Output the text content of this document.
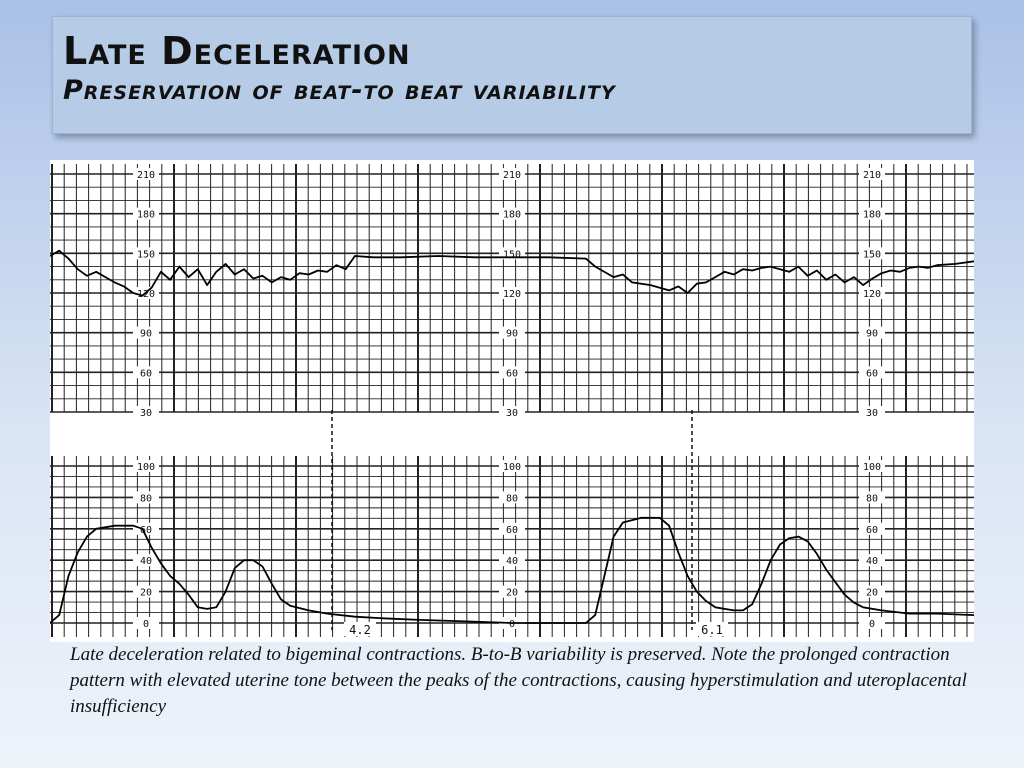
Late Deceleration
Preservation of beat-to beat variability
30
60
90
120
150
180
210
30
60
90
120
150
180
210
30
60
90
120
150
180
210
0
20
40
60
80
100
0
20
40
60
80
100
0
20
40
60
80
100
4.2	6.1
Late deceleration related to bigeminal contractions. B-to-B variability is preserved. Note the prolonged contraction pattern with elevated uterine tone between the peaks of the contractions, causing hyperstimulation and uteroplacental insufficiency
